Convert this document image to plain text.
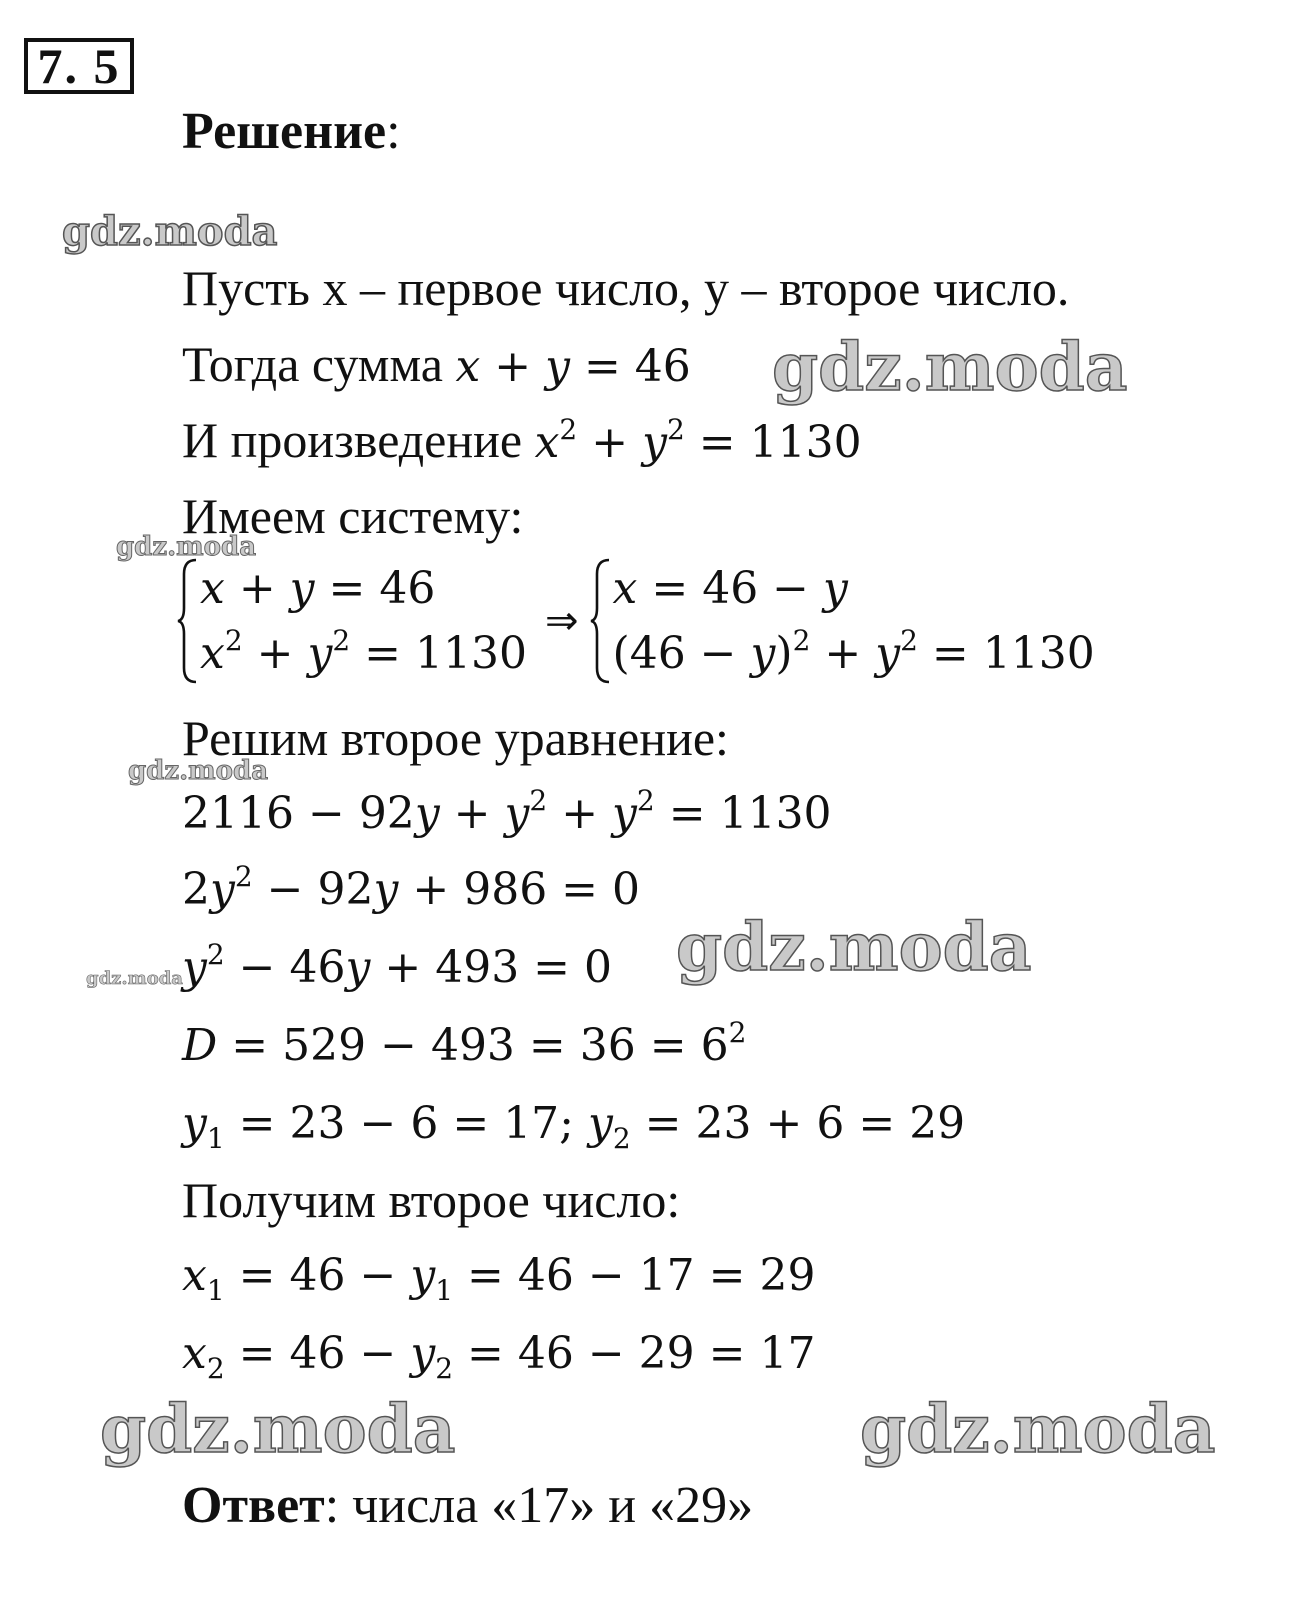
7. 5
Решение:
Пусть х – первое число, у – второе число.
Тогда сумма x + y = 46
И произведение $x^2 + y^2 = 1130$
Имеем систему:
x + y = 46
$x^2 + y^2 = 1130$
⇒
x = 46 − y
$(46 - y)^2 + y^2 = 1130$
Решим второе уравнение:
$2116 - 92y + y^2 + y^2 = 1130$
$2y^2 - 92y + 986 = 0$
$y^2 - 46y + 493 = 0$
$D = 529 - 493 = 36 = 6^2$
$y_1 = 23 - 6 = 17$; $y_2 = 23 + 6 = 29$
Получим второе число:
$x_1 = 46 - y_1 = 46 - 17 = 29$
$x_2 = 46 - y_2 = 46 - 29 = 17$
Ответ: числа «17» и «29»
gdz.moda
gdz.moda
gdz.moda
gdz.moda
gdz.moda
gdz.moda
gdz.moda	gdz.moda
